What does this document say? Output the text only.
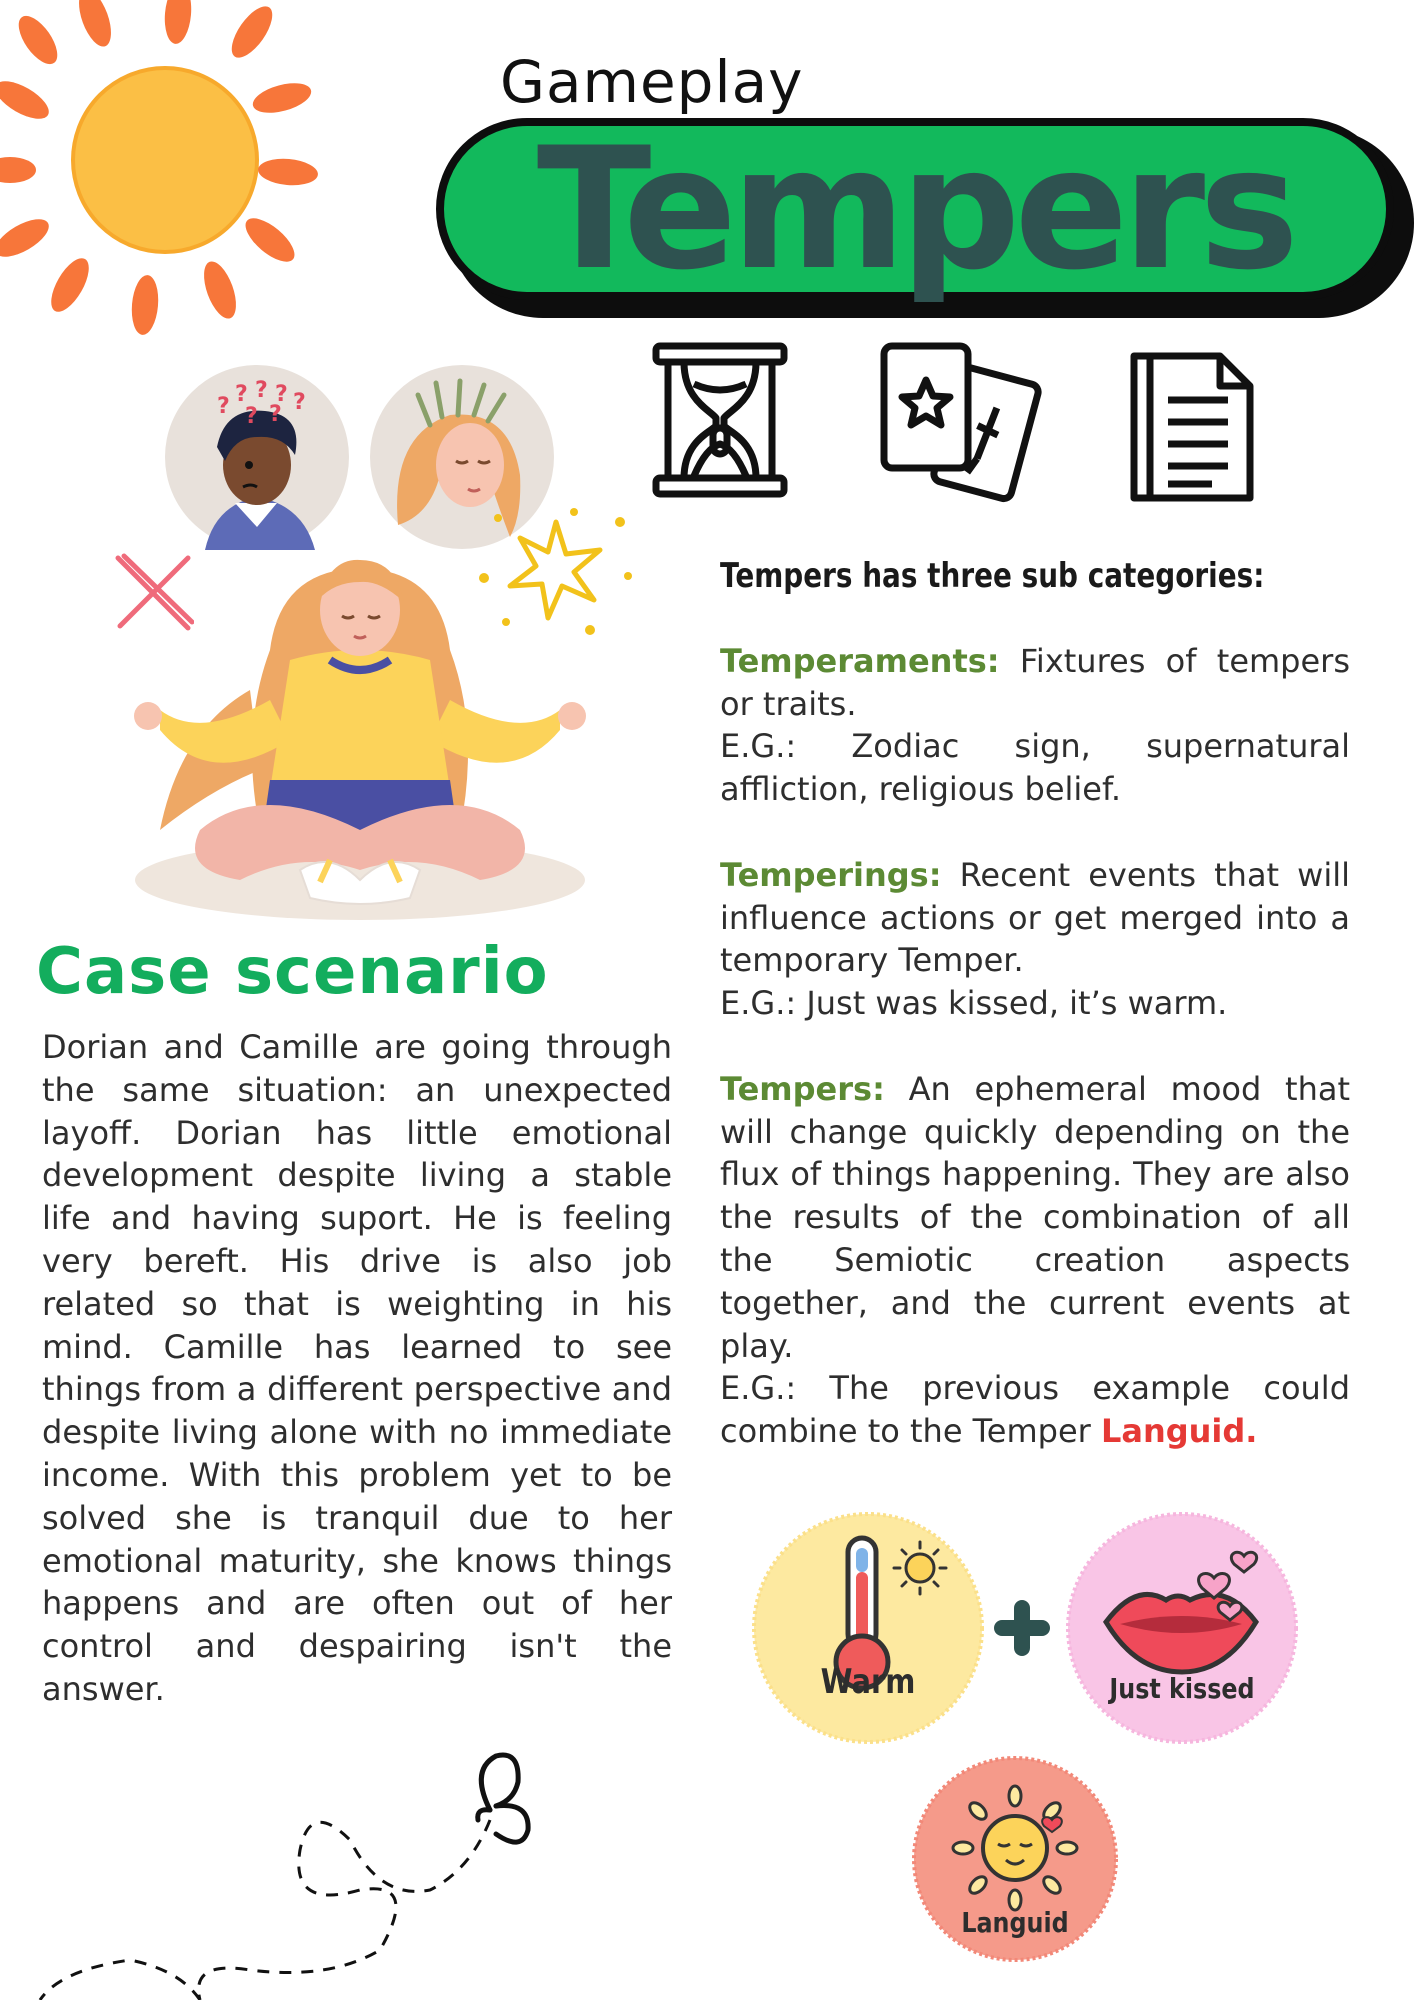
Gameplay
Tempers
? ? ? ? ?
? ?
Case scenario
Dorian and Camille are going through the same situation: an unexpected layoff. Dorian has little emotional development despite living a stable life and having suport. He is feeling very bereft. His drive is also job related so that is weighting in his mind. Camille has learned to see things from a different perspective and despite living alone with no immediate income. With this problem yet to be solved she is tranquil due to her emotional maturity, she knows things happens and are often out of her control and despairing isn't the answer.
Tempers has three sub categories:

Temperaments: Fixtures of tempers or traits.
E.G.: Zodiac sign, supernatural affliction, religious belief.

Temperings: Recent events that will influence actions or get merged into a temporary Temper.
E.G.: Just was kissed, it’s warm.

Tempers: An ephemeral mood that will change quickly depending on the flux of things happening. They are also the results of the combination of all the Semiotic creation aspects together, and the current events at play.
E.G.: The previous example could combine to the Temper Languid.

Warm	Just kissed
Languid
